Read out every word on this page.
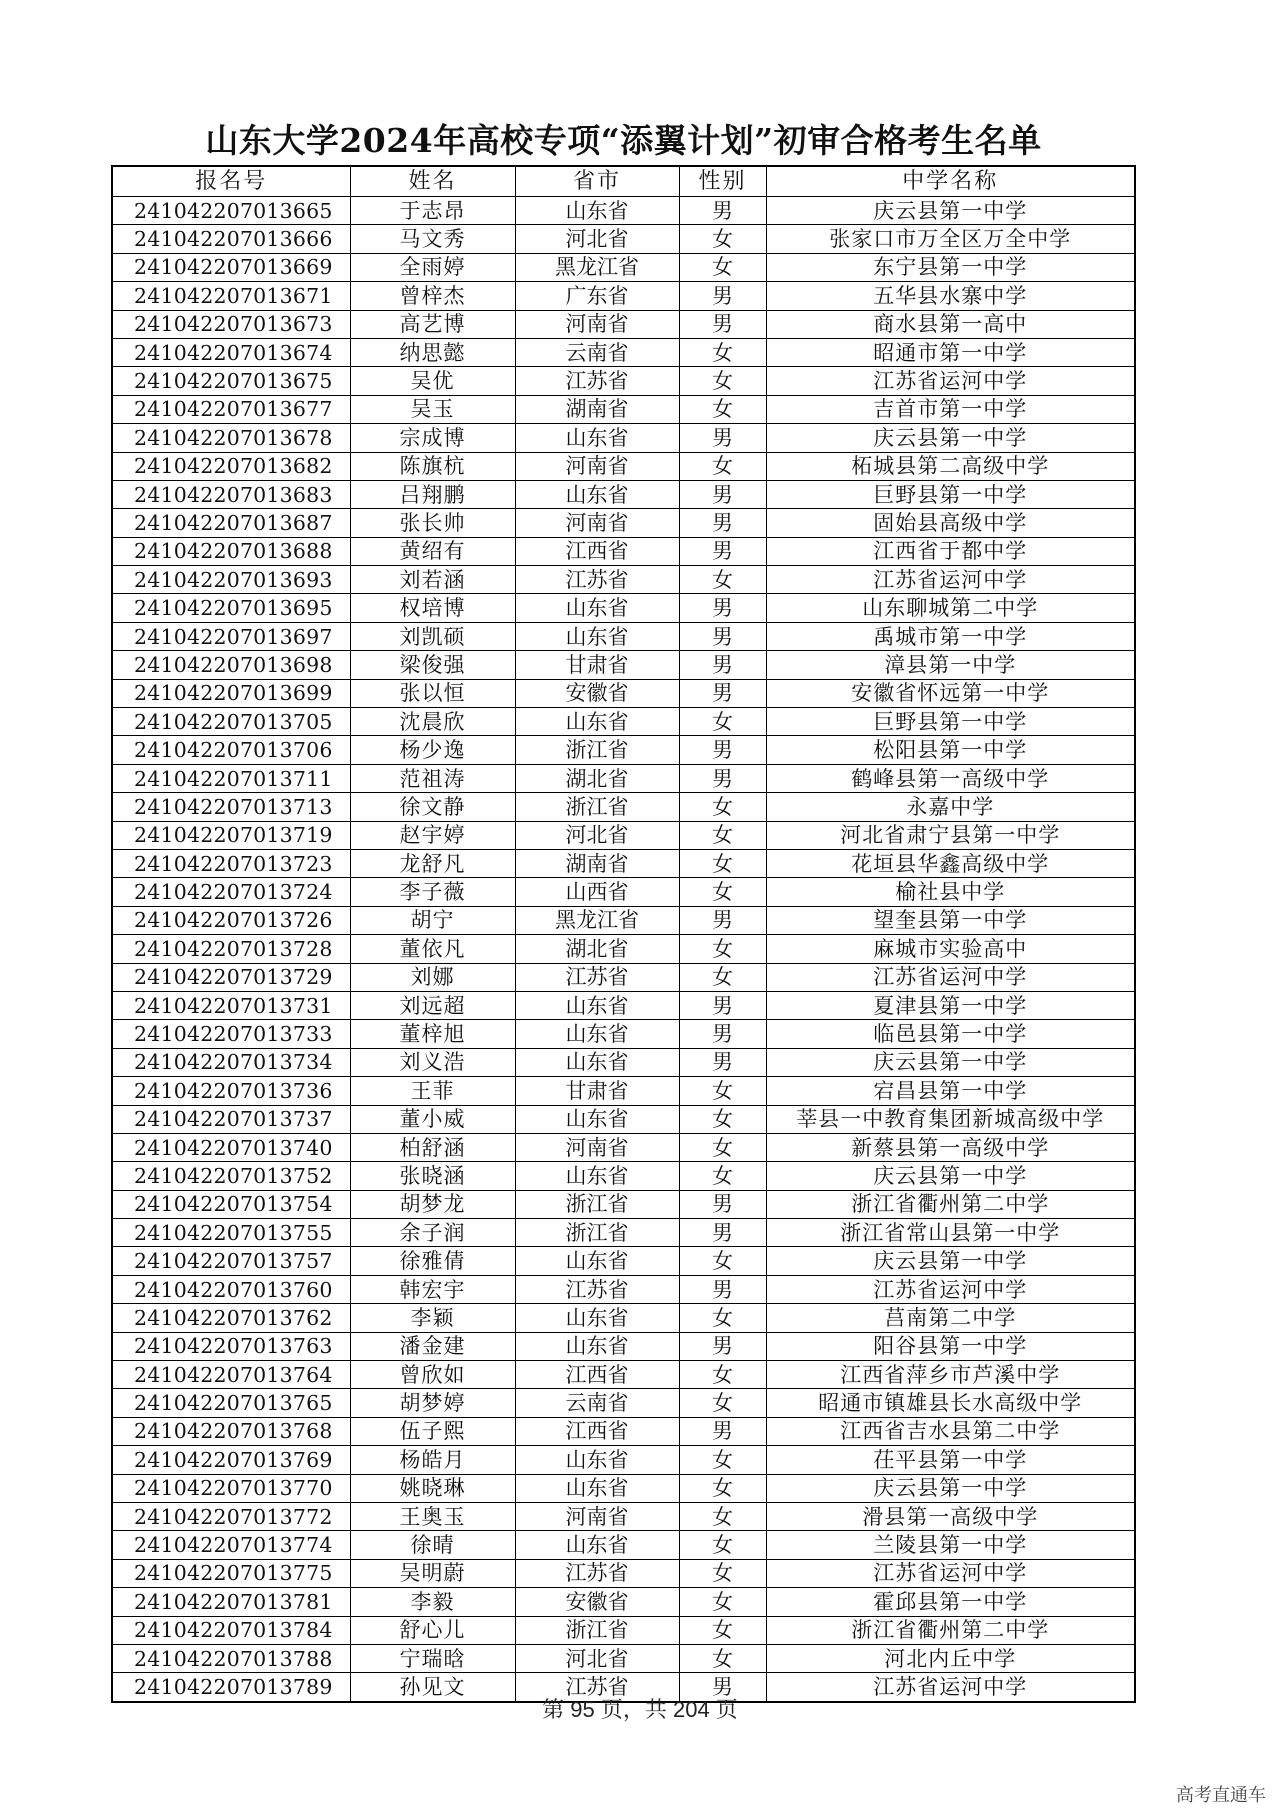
山东大学2024年高校专项“添翼计划”初审合格考生名单
报名号	姓名	省市	性别	中学名称
241042207013665	于志昂	山东省	男	庆云县第一中学
241042207013666	马文秀	河北省	女	张家口市万全区万全中学
241042207013669	全雨婷	黑龙江省	女	东宁县第一中学
241042207013671	曾梓杰	广东省	男	五华县水寨中学
241042207013673	高艺博	河南省	男	商水县第一高中
241042207013674	纳思懿	云南省	女	昭通市第一中学
241042207013675	吴优	江苏省	女	江苏省运河中学
241042207013677	吴玉	湖南省	女	吉首市第一中学
241042207013678	宗成博	山东省	男	庆云县第一中学
241042207013682	陈旗杭	河南省	女	柘城县第二高级中学
241042207013683	吕翔鹏	山东省	男	巨野县第一中学
241042207013687	张长帅	河南省	男	固始县高级中学
241042207013688	黄绍有	江西省	男	江西省于都中学
241042207013693	刘若涵	江苏省	女	江苏省运河中学
241042207013695	权培博	山东省	男	山东聊城第二中学
241042207013697	刘凯硕	山东省	男	禹城市第一中学
241042207013698	梁俊强	甘肃省	男	漳县第一中学
241042207013699	张以恒	安徽省	男	安徽省怀远第一中学
241042207013705	沈晨欣	山东省	女	巨野县第一中学
241042207013706	杨少逸	浙江省	男	松阳县第一中学
241042207013711	范祖涛	湖北省	男	鹤峰县第一高级中学
241042207013713	徐文静	浙江省	女	永嘉中学
241042207013719	赵宇婷	河北省	女	河北省肃宁县第一中学
241042207013723	龙舒凡	湖南省	女	花垣县华鑫高级中学
241042207013724	李子薇	山西省	女	榆社县中学
241042207013726	胡宁	黑龙江省	男	望奎县第一中学
241042207013728	董依凡	湖北省	女	麻城市实验高中
241042207013729	刘娜	江苏省	女	江苏省运河中学
241042207013731	刘远超	山东省	男	夏津县第一中学
241042207013733	董梓旭	山东省	男	临邑县第一中学
241042207013734	刘义浩	山东省	男	庆云县第一中学
241042207013736	王菲	甘肃省	女	宕昌县第一中学
241042207013737	董小威	山东省	女	莘县一中教育集团新城高级中学
241042207013740	柏舒涵	河南省	女	新蔡县第一高级中学
241042207013752	张晓涵	山东省	女	庆云县第一中学
241042207013754	胡梦龙	浙江省	男	浙江省衢州第二中学
241042207013755	余子润	浙江省	男	浙江省常山县第一中学
241042207013757	徐雅倩	山东省	女	庆云县第一中学
241042207013760	韩宏宇	江苏省	男	江苏省运河中学
241042207013762	李颖	山东省	女	莒南第二中学
241042207013763	潘金建	山东省	男	阳谷县第一中学
241042207013764	曾欣如	江西省	女	江西省萍乡市芦溪中学
241042207013765	胡梦婷	云南省	女	昭通市镇雄县长水高级中学
241042207013768	伍子熙	江西省	男	江西省吉水县第二中学
241042207013769	杨皓月	山东省	女	茌平县第一中学
241042207013770	姚晓琳	山东省	女	庆云县第一中学
241042207013772	王奥玉	河南省	女	滑县第一高级中学
241042207013774	徐晴	山东省	女	兰陵县第一中学
241042207013775	吴明蔚	江苏省	女	江苏省运河中学
241042207013781	李毅	安徽省	女	霍邱县第一中学
241042207013784	舒心儿	浙江省	女	浙江省衢州第二中学
241042207013788	宁瑞晗	河北省	女	河北内丘中学
241042207013789	孙见文	江苏省	男	江苏省运河中学
第 95 页，共 204 页
高考直通车
